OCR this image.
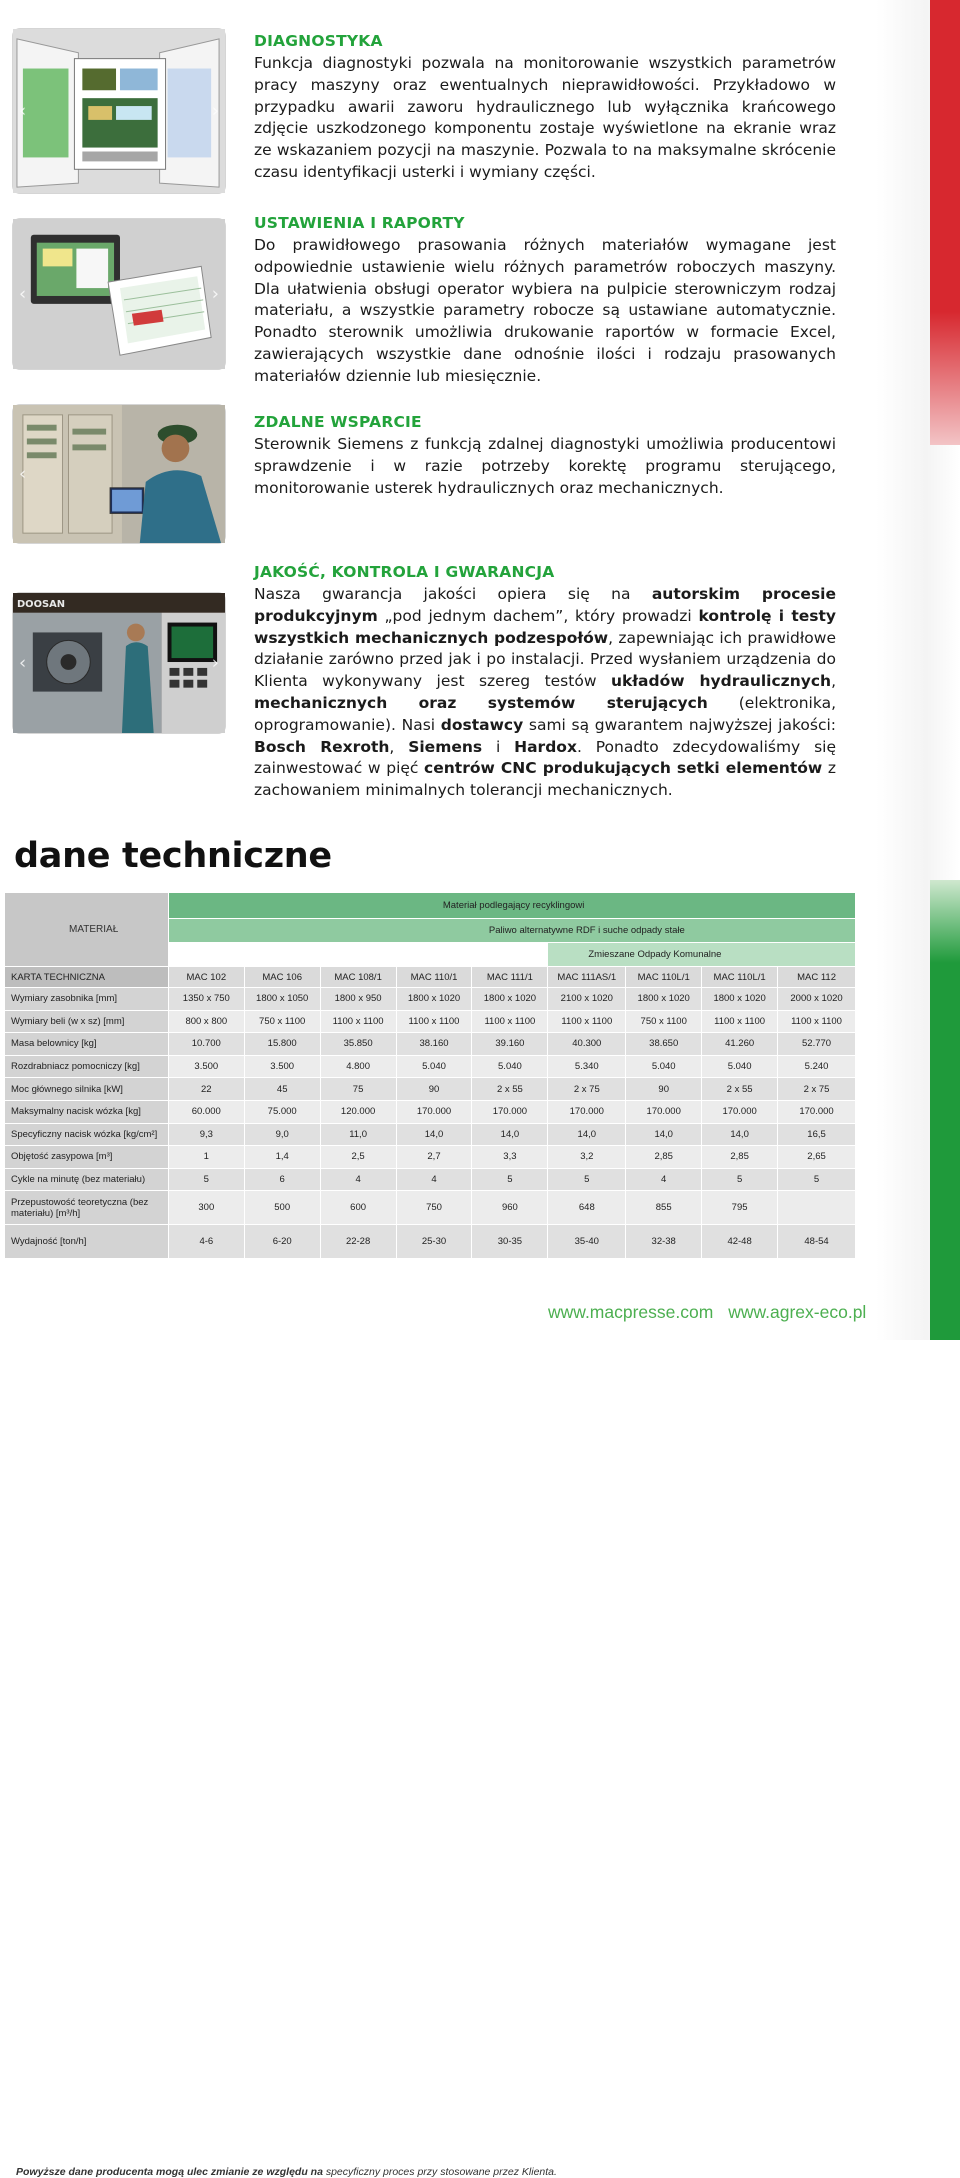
‹	›
‹	›
‹
DOOSAN
‹	›
DIAGNOSTYKA

Funkcja diagnostyki pozwala na monitorowanie wszystkich parametrów pracy maszyny oraz ewentualnych nieprawidłowości. Przykładowo w przypadku awarii zaworu hydraulicznego lub wyłącznika krańcowego zdjęcie uszkodzonego komponentu zostaje wyświetlone na ekranie wraz ze wskazaniem pozycji na maszynie. Pozwala to na maksymalne skrócenie czasu identyfikacji usterki i wymiany części.

USTAWIENIA I RAPORTY

Do prawidłowego prasowania różnych materiałów wymagane jest odpowiednie ustawienie wielu różnych parametrów roboczych maszyny. Dla ułatwienia obsługi operator wybiera na pulpicie sterowniczym rodzaj materiału, a wszystkie parametry robocze są ustawiane automatycznie. Ponadto sterownik umożliwia drukowanie raportów w formacie Excel, zawierających wszystkie dane odnośnie ilości i rodzaju prasowanych materiałów dziennie lub miesięcznie.

ZDALNE WSPARCIE

Sterownik Siemens z funkcją zdalnej diagnostyki umożliwia producentowi sprawdzenie i w razie potrzeby korektę programu sterującego, monitorowanie usterek hydraulicznych oraz mechanicznych.

JAKOŚĆ, KONTROLA I GWARANCJA

Nasza gwarancja jakości opiera się na autorskim procesie produkcyjnym „pod jednym dachem”, który prowadzi kontrolę i testy wszystkich mechanicznych podzespołów, zapewniając ich prawidłowe działanie zarówno przed jak i po instalacji. Przed wysłaniem urządzenia do Klienta wykonywany jest szereg testów układów hydraulicznych, mechanicznych oraz systemów sterujących (elektronika, oprogramowanie). Nasi dostawcy sami są gwarantem najwyższej jakości: Bosch Rexroth, Siemens i Hardox. Ponadto zdecydowaliśmy się zainwestować w pięć centrów CNC produkujących setki elementów z zachowaniem minimalnych tolerancji mechanicznych.

dane techniczne
MATERIAŁ	Materiał podlegający recyklingowi								
	Paliwo alternatywne RDF i suche odpady stałe								
						Zmieszane Odpady Komunalne			
KARTA TECHNICZNA	MAC 102	MAC 106	MAC 108/1	MAC 110/1	MAC 111/1	MAC 111AS/1	MAC 110L/1	MAC 110L/1	MAC 112
Wymiary zasobnika [mm]	1350 x 750	1800 x 1050	1800 x 950	1800 x 1020	1800 x 1020	2100 x 1020	1800 x 1020	1800 x 1020	2000 x 1020
Wymiary beli (w x sz) [mm]	800 x 800	750 x 1100	1100 x 1100	1100 x 1100	1100 x 1100	1100 x 1100	750 x 1100	1100 x 1100	1100 x 1100
Masa belownicy [kg]	10.700	15.800	35.850	38.160	39.160	40.300	38.650	41.260	52.770
Rozdrabniacz pomocniczy [kg]	3.500	3.500	4.800	5.040	5.040	5.340	5.040	5.040	5.240
Moc głównego silnika [kW]	22	45	75	90	2 x 55	2 x 75	90	2 x 55	2 x 75
Maksymalny nacisk wózka [kg]	60.000	75.000	120.000	170.000	170.000	170.000	170.000	170.000	170.000
Specyficzny nacisk wózka [kg/cm²]	9,3	9,0	11,0	14,0	14,0	14,0	14,0	14,0	16,5
Objętość zasypowa [m³]	1	1,4	2,5	2,7	3,3	3,2	2,85	2,85	2,65
Cykle na minutę (bez materiału)	5	6	4	4	5	5	4	5	5
Przepustowość teoretyczna (bez materiału) [m³/h]	300	500	600	750	960	648	855	795	
Wydajność [ton/h]	4-6	6-20	22-28	25-30	30-35	35-40	32-38	42-48	48-54
Powyższe dane producenta mogą ulec zmianie ze względu na specyficzny proces przy stosowane przez Klienta.
www.macpresse.com www.agrex-eco.pl
